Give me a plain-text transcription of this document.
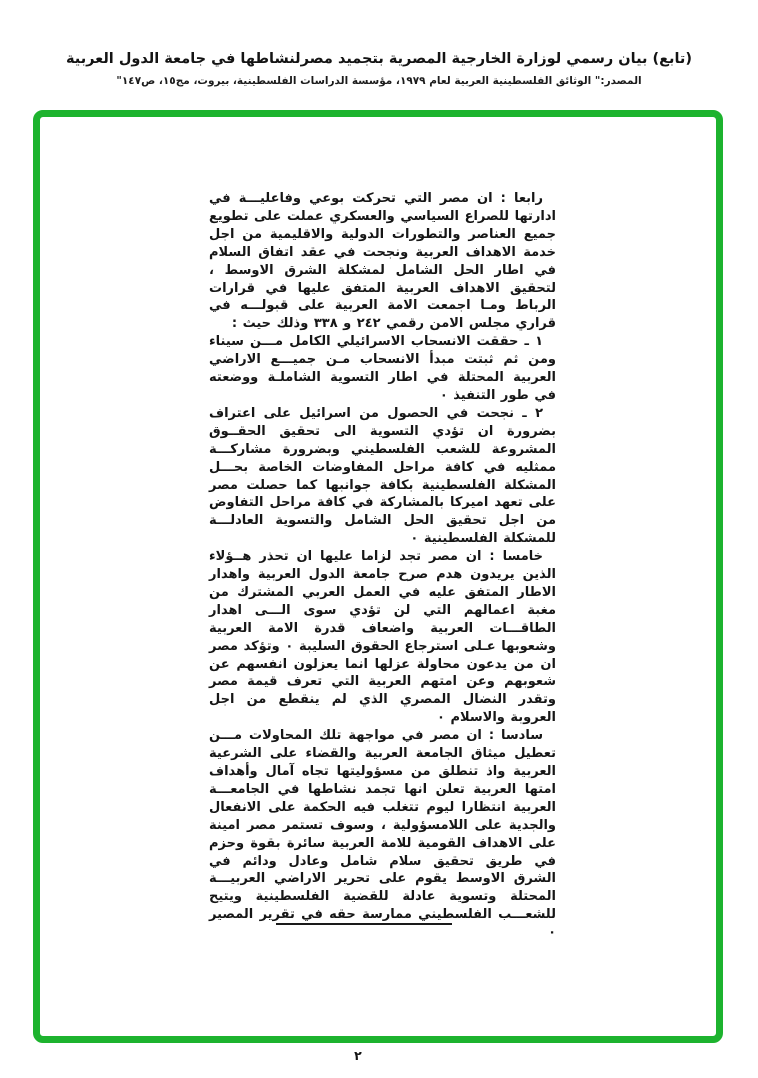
(تابع) بيان رسمي لوزارة الخارجية المصرية بتجميد مصرلنشاطها في جامعة الدول العربية
المصدر:" الوثائق الفلسطينية العربية لعام ١٩٧٩، مؤسسة الدراسات الفلسطينية، بيروت، مج١٥، ص١٤٧"

رابعا : ان مصر التي تحركت بوعي وفاعليـــة في ادارتها للصراع السياسي والعسكري عملت على تطويع جميع العناصر والتطورات الدولية والاقليمية من اجل خدمة الاهداف العربية ونجحت في عقد اتفاق السلام في اطار الحل الشامل لمشكلة الشرق الاوسط ، لتحقيق الاهداف العربية المتفق عليها في قرارات الرباط ومـا اجمعت الامة العربية على قبولـــه في قراري مجلس الامن رقمي ٢٤٢ و ٣٣٨ وذلك حيث :

١ ـ حققت الانسحاب الاسرائيلي الكامل مـــن سيناء ومن ثم ثبتت مبدأ الانسحاب مـن جميـــع الاراضي العربية المحتلة في اطار التسوية الشاملـة ووضعته في طور التنفيذ ٠

٢ ـ نجحت في الحصول من اسرائيل على اعتراف بضرورة ان تؤدي التسوية الى تحقيق الحقــوق المشروعة للشعب الفلسطيني وبضرورة مشاركـــة ممثليه في كافة مراحل المفاوضات الخاصة بحـــل المشكلة الفلسطينية بكافة جوانبها كما حصلت مصر على تعهد اميركا بالمشاركة في كافة مراحل التفاوض من اجل تحقيق الحل الشامل والتسوية العادلـــة للمشكلة الفلسطينية ٠

خامسا : ان مصر تجد لزاما عليها ان تحذر هــؤلاء الذين يريدون هدم صرح جامعة الدول العربية واهدار الاطار المتفق عليه في العمل العربي المشترك من مغبة اعمالهم التي لن تؤدي سوى الـــى اهدار الطاقـــات العربية واضعاف قدرة الامة العربية وشعوبها عـلى استرجاع الحقوق السليبة ٠ وتؤكد مصر ان من يدعون محاولة عزلها انما يعزلون انفسهم عن شعوبهم وعن امتهم العربية التي تعرف قيمة مصر وتقدر النضال المصري الذي لم ينقطع من اجل العروبة والاسلام ٠

سادسا : ان مصر في مواجهة تلك المحاولات مـــن تعطيل ميثاق الجامعة العربية والقضاء على الشرعية العربية واذ تنطلق من مسؤوليتها تجاه آمال وأهداف امتها العربية تعلن انها تجمد نشاطها في الجامعـــة العربية انتظارا ليوم تتغلب فيه الحكمة على الانفعال والجدية على اللامسؤولية ، وسوف تستمر مصر امينة على الاهداف القومية للامة العربية سائرة بقوة وحزم في طريق تحقيق سلام شامل وعادل ودائم في الشرق الاوسط يقوم على تحرير الاراضي العربيـــة المحتلة وتسوية عادلة للقضية الفلسطينية ويتيح للشعـــب الفلسطيني ممارسة حقه في تقرير المصير ٠

٢
